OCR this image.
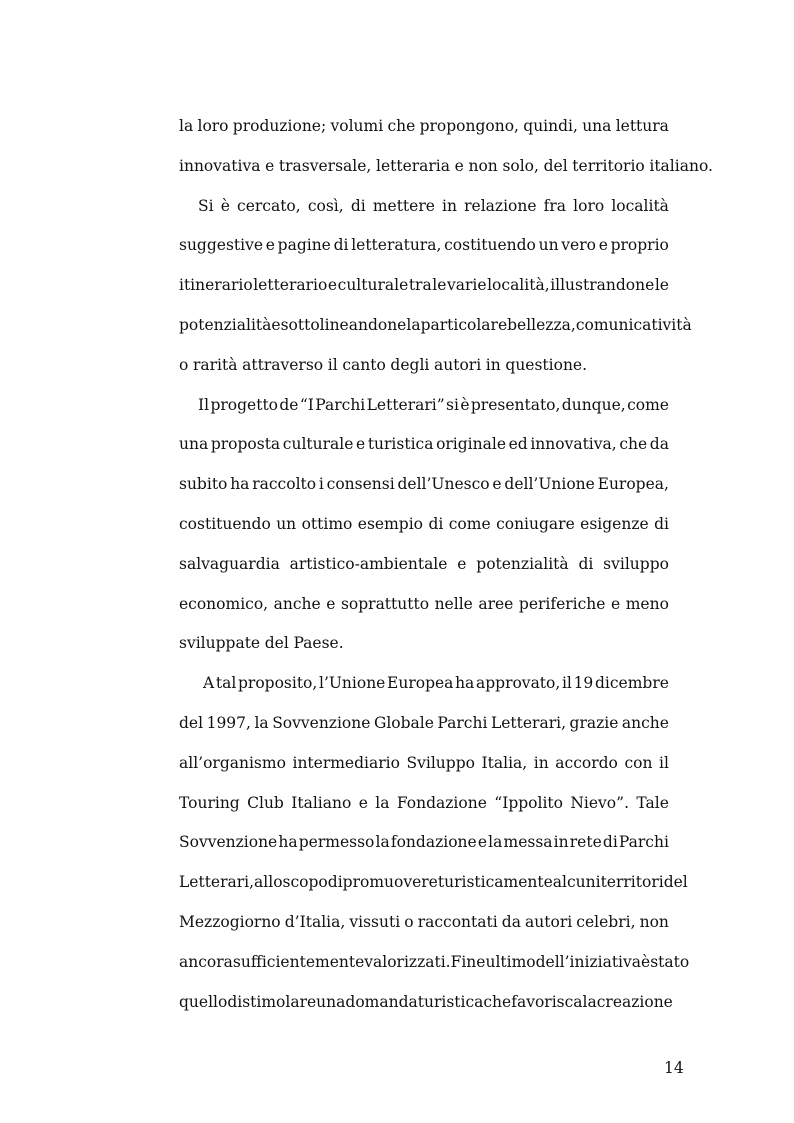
la loro produzione; volumi che propongono, quindi, una lettura
innovativa e trasversale, letteraria e non solo, del territorio italiano.
Si è cercato, così, di mettere in relazione fra loro località
suggestive e pagine di letteratura, costituendo un vero e proprio
itinerario letterario e culturale tra le varie località, illustrandone le
potenzialità e sottolineandone la particolare bellezza, comunicatività
o rarità attraverso il canto degli autori in questione.
Il progetto de “I Parchi Letterari” si è presentato, dunque, come
una proposta culturale e turistica originale ed innovativa, che da
subito ha raccolto i consensi dell’Unesco e dell’Unione Europea,
costituendo un ottimo esempio di come coniugare esigenze di
salvaguardia artistico-ambientale e potenzialità di sviluppo
economico, anche e soprattutto nelle aree periferiche e meno
sviluppate del Paese.
A tal proposito, l’Unione Europea ha approvato, il 19 dicembre
del 1997, la Sovvenzione Globale Parchi Letterari, grazie anche
all’organismo intermediario Sviluppo Italia, in accordo con il
Touring Club Italiano e la Fondazione “Ippolito Nievo”. Tale
Sovvenzione ha permesso la fondazione e la messa in rete di Parchi
Letterari, allo scopo di promuovere turisticamente alcuni territori del
Mezzogiorno d’Italia, vissuti o raccontati da autori celebri, non
ancora sufficientemente valorizzati. Fine ultimo dell’iniziativa è stato
quello di stimolare una domanda turistica che favorisca la creazione
14
